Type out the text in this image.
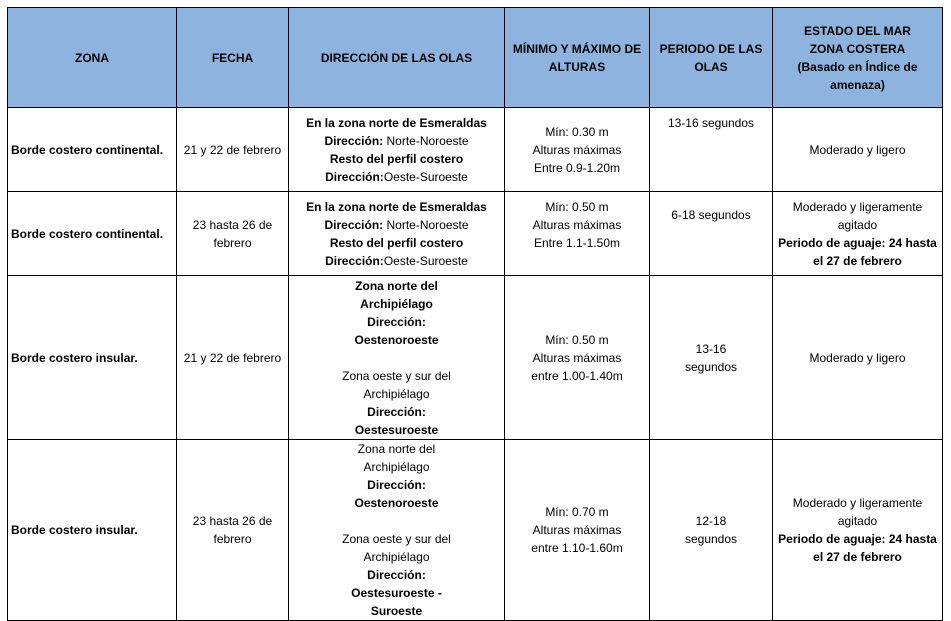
ZONA	FECHA	DIRECCIÓN DE LAS OLAS	MÍNIMO Y MÁXIMO DE ALTURAS	PERIODO DE LAS OLAS	ESTADO DEL MAR
ZONA COSTERA
(Basado en Índice de amenaza)

Borde costero continental.	21 y 22 de febrero	En la zona norte de Esmeraldas
Dirección: Norte-Noroeste
Resto del perfil costero
Dirección:Oeste-Suroeste	Mín: 0.30 m
Alturas máximas
Entre 0.9-1.20m	13-16 segundos	Moderado y ligero
Borde costero continental.	23 hasta 26 de febrero	En la zona norte de Esmeraldas
Dirección: Norte-Noroeste
Resto del perfil costero
Dirección:Oeste-Suroeste	Mín: 0.50 m
Alturas máximas
Entre 1.1-1.50m	6-18 segundos	Moderado y ligeramente agitado
Periodo de aguaje: 24 hasta el 27 de febrero

Borde costero insular.	21 y 22 de febrero	Zona norte del Archipiélago
Dirección: Oestenoroeste
Zona oeste y sur del Archipiélago
Dirección: Oestesuroeste	Mín: 0.50 m
Alturas máximas
entre 1.00-1.40m	13-16 segundos	Moderado y ligero
Borde costero insular.	23 hasta 26 de febrero	Zona norte del Archipiélago
Dirección: Oestenoroeste
Zona oeste y sur del Archipiélago
Dirección: Oestesuroeste - Suroeste	Mín: 0.70 m
Alturas máximas
entre 1.10-1.60m	12-18 segundos	Moderado y ligeramente agitado
Periodo de aguaje: 24 hasta el 27 de febrero
